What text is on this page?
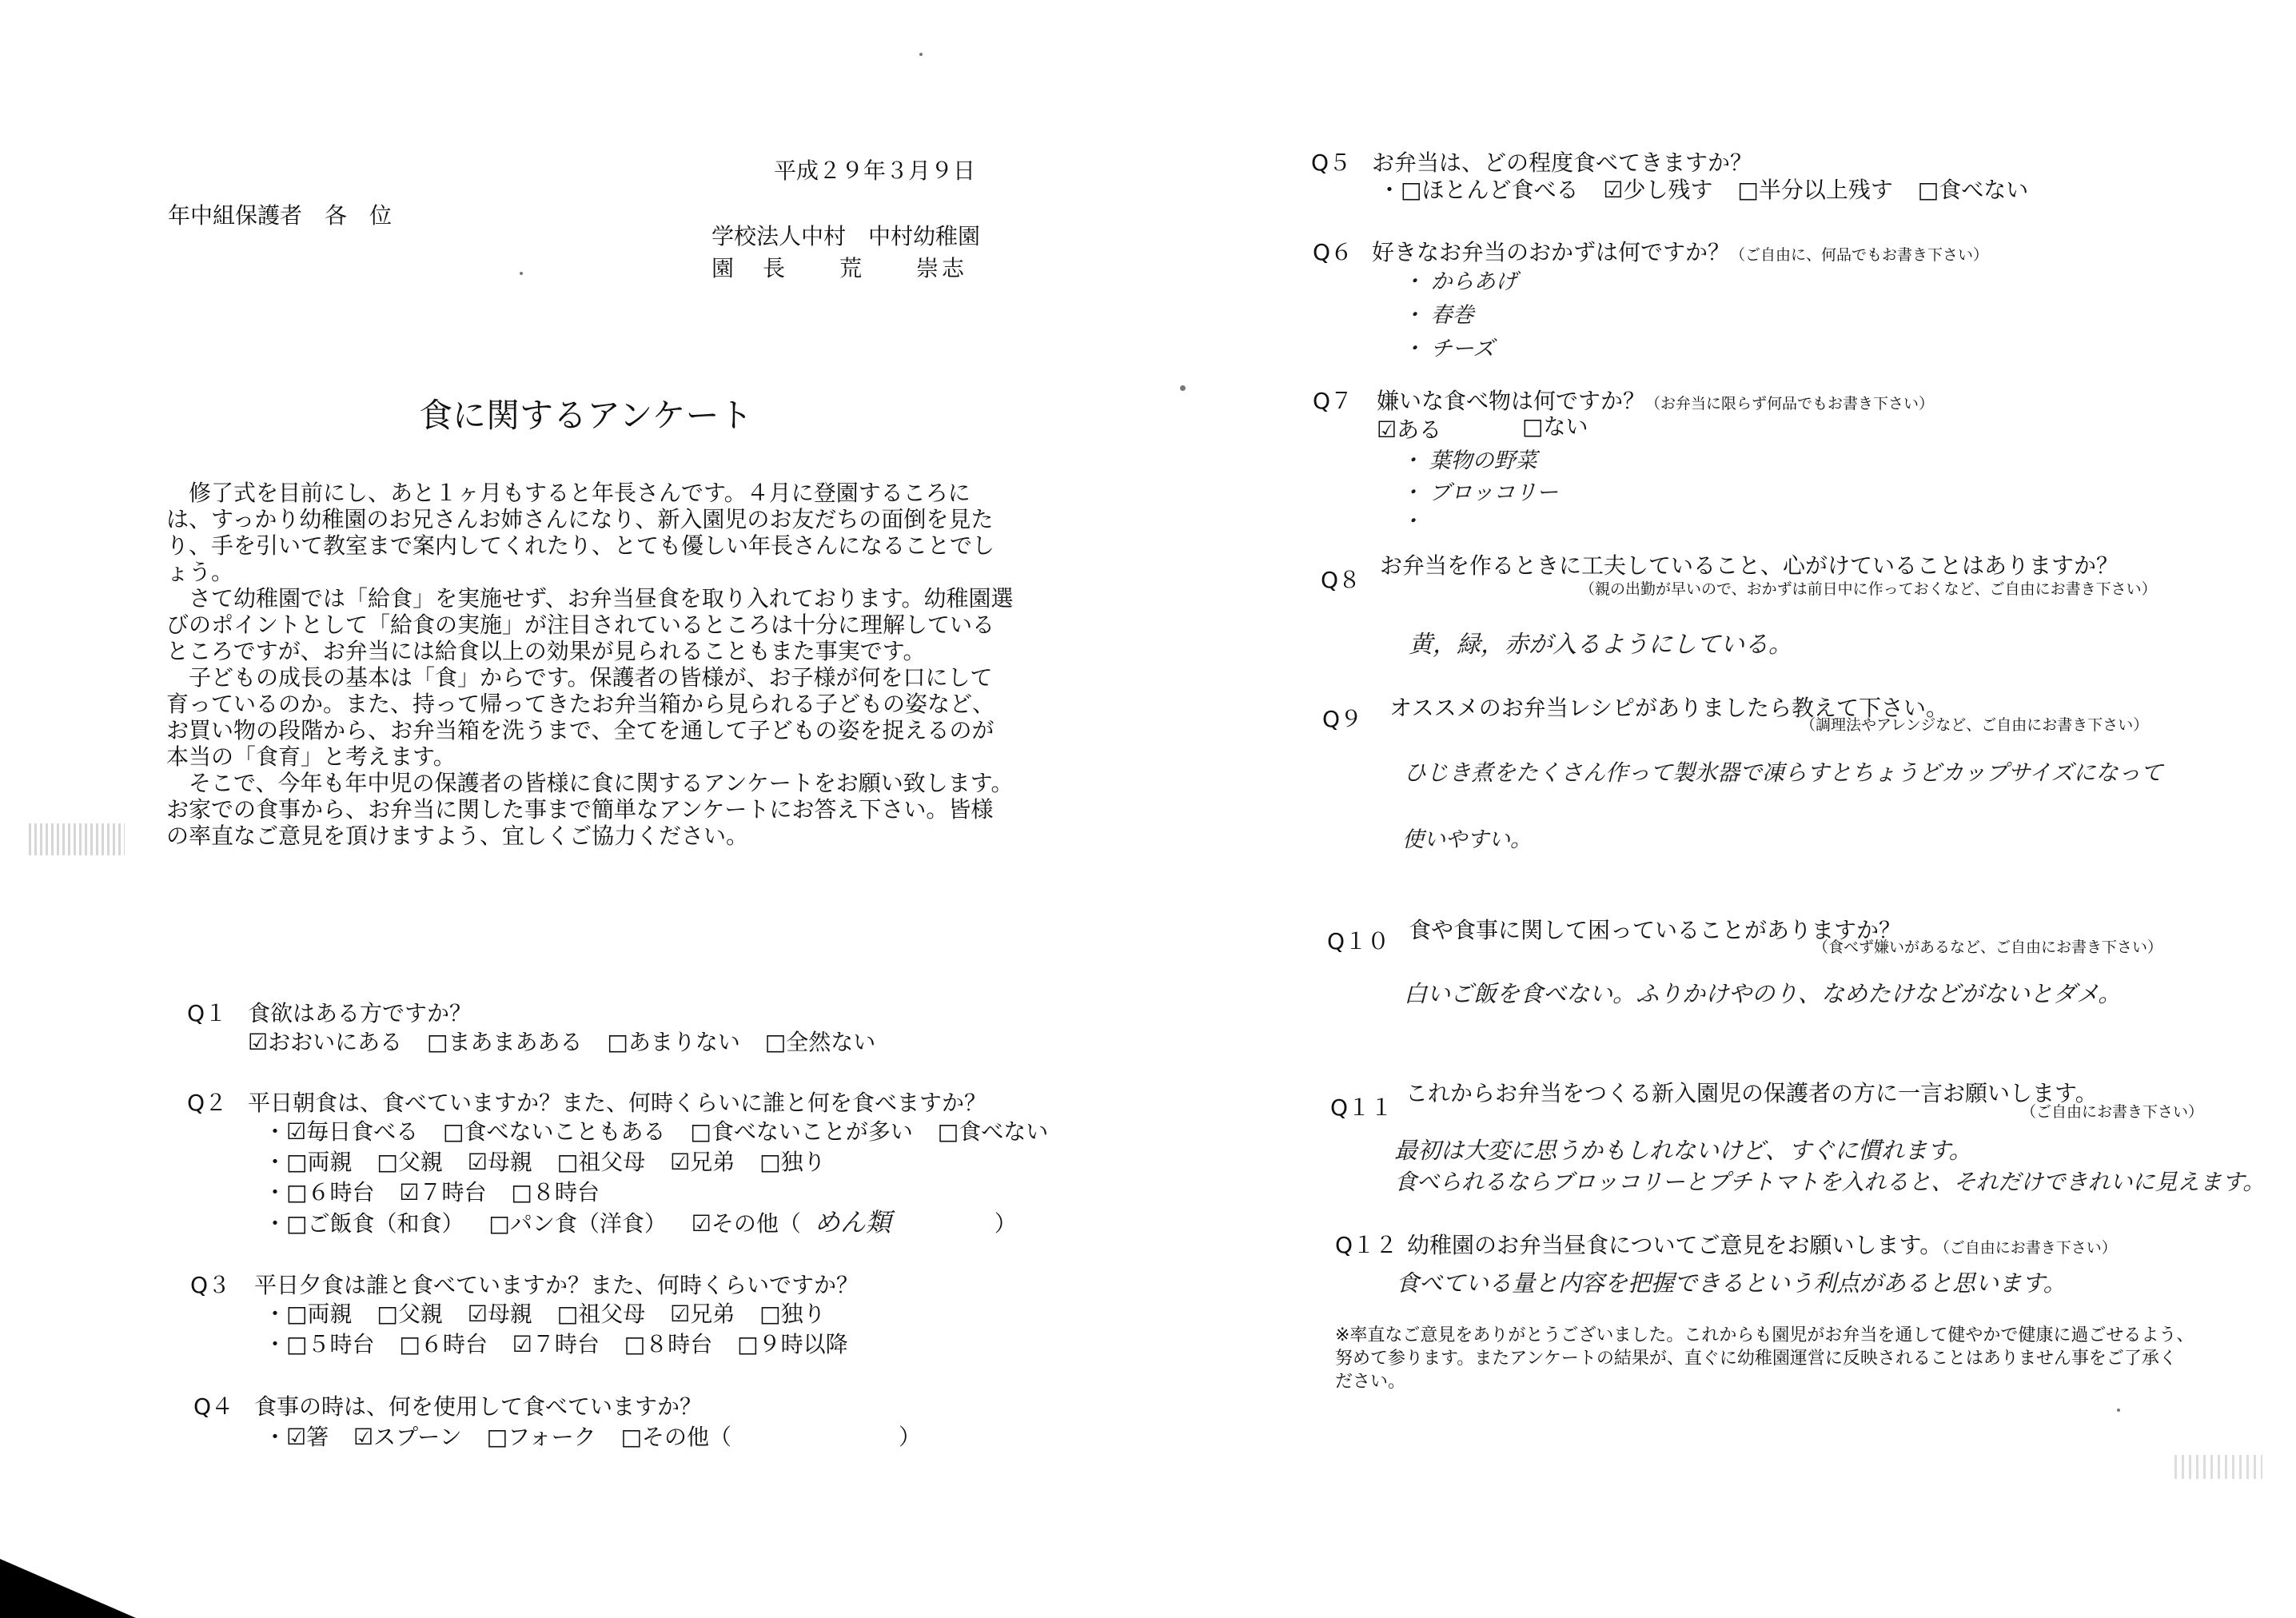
平成２９年３月９日
年中組保護者　各　位
学校法人中村　中村幼稚園
園　長　　荒　　崇志
食に関するアンケート

修了式を目前にし、あと１ヶ月もすると年長さんです。４月に登園するころには、すっかり幼稚園のお兄さんお姉さんになり、新入園児のお友だちの面倒を見たり、手を引いて教室まで案内してくれたり、とても優しい年長さんになることでしょう。

さて幼稚園では「給食」を実施せず、お弁当昼食を取り入れております。幼稚園選びのポイントとして「給食の実施」が注目されているところは十分に理解しているところですが、お弁当には給食以上の効果が見られることもまた事実です。

子どもの成長の基本は「食」からです。保護者の皆様が、お子様が何を口にして育っているのか。また、持って帰ってきたお弁当箱から見られる子どもの姿など、お買い物の段階から、お弁当箱を洗うまで、全てを通して子どもの姿を捉えるのが本当の「食育」と考えます。

そこで、今年も年中児の保護者の皆様に食に関するアンケートをお願い致します。お家での食事から、お弁当に関した事まで簡単なアンケートにお答え下さい。皆様の率直なご意見を頂けますよう、宜しくご協力ください。

Q１ 食欲はある方ですか？
☑おおいにある □まあまあある □あまりない □全然ない
Q２ 平日朝食は、食べていますか？また、何時くらいに誰と何を食べますか？
・☑毎日食べる □食べないこともある □食べないことが多い □食べない
・□両親 □父親 ☑母親 □祖父母 ☑兄弟 □独り
・□６時台 ☑７時台 □８時台
・□ご飯食（和食） □パン食（洋食） ☑その他（ めん類	）
Q３ 平日夕食は誰と食べていますか？また、何時くらいですか？
・□両親 □父親 ☑母親 □祖父母 ☑兄弟 □独り
・□５時台 □６時台 ☑７時台 □８時台 □９時以降
Q４ 食事の時は、何を使用して食べていますか？
・☑箸 ☑スプーン □フォーク □その他（	）
Q５ お弁当は、どの程度食べてきますか？
・□ほとんど食べる ☑少し残す □半分以上残す □食べない
Q６ 好きなお弁当のおかずは何ですか？（ご自由に、何品でもお書き下さい）
・ からあげ
・ 春巻
・ チーズ
Q７ 嫌いな食べ物は何ですか？（お弁当に限らず何品でもお書き下さい）
☑ある	□ない
・ 葉物の野菜
・ ブロッコリー
・
Q８
お弁当を作るときに工夫していること、心がけていることはありますか？
（親の出勤が早いので、おかずは前日中に作っておくなど、ご自由にお書き下さい）
黄，緑，赤が入るようにしている。
Q９ オススメのお弁当レシピがありましたら教えて下さい。
（調理法やアレンジなど、ご自由にお書き下さい）
ひじき煮をたくさん作って製氷器で凍らすとちょうどカップサイズになって
使いやすい。
Q１０ 食や食事に関して困っていることがありますか？
（食べず嫌いがあるなど、ご自由にお書き下さい）
白いご飯を食べない。ふりかけやのり、なめたけなどがないとダメ。
Q１１
これからお弁当をつくる新入園児の保護者の方に一言お願いします。
（ご自由にお書き下さい）
最初は大変に思うかもしれないけど、すぐに慣れます。
食べられるならブロッコリーとプチトマトを入れると、それだけできれいに見えます。
Q１２ 幼稚園のお弁当昼食についてご意見をお願いします。（ご自由にお書き下さい）
食べている量と内容を把握できるという利点があると思います。
※率直なご意見をありがとうございました。これからも園児がお弁当を通して健やかで健康に過ごせるよう、
努めて参ります。またアンケートの結果が、直ぐに幼稚園運営に反映されることはありません事をご了承く
ださい。
